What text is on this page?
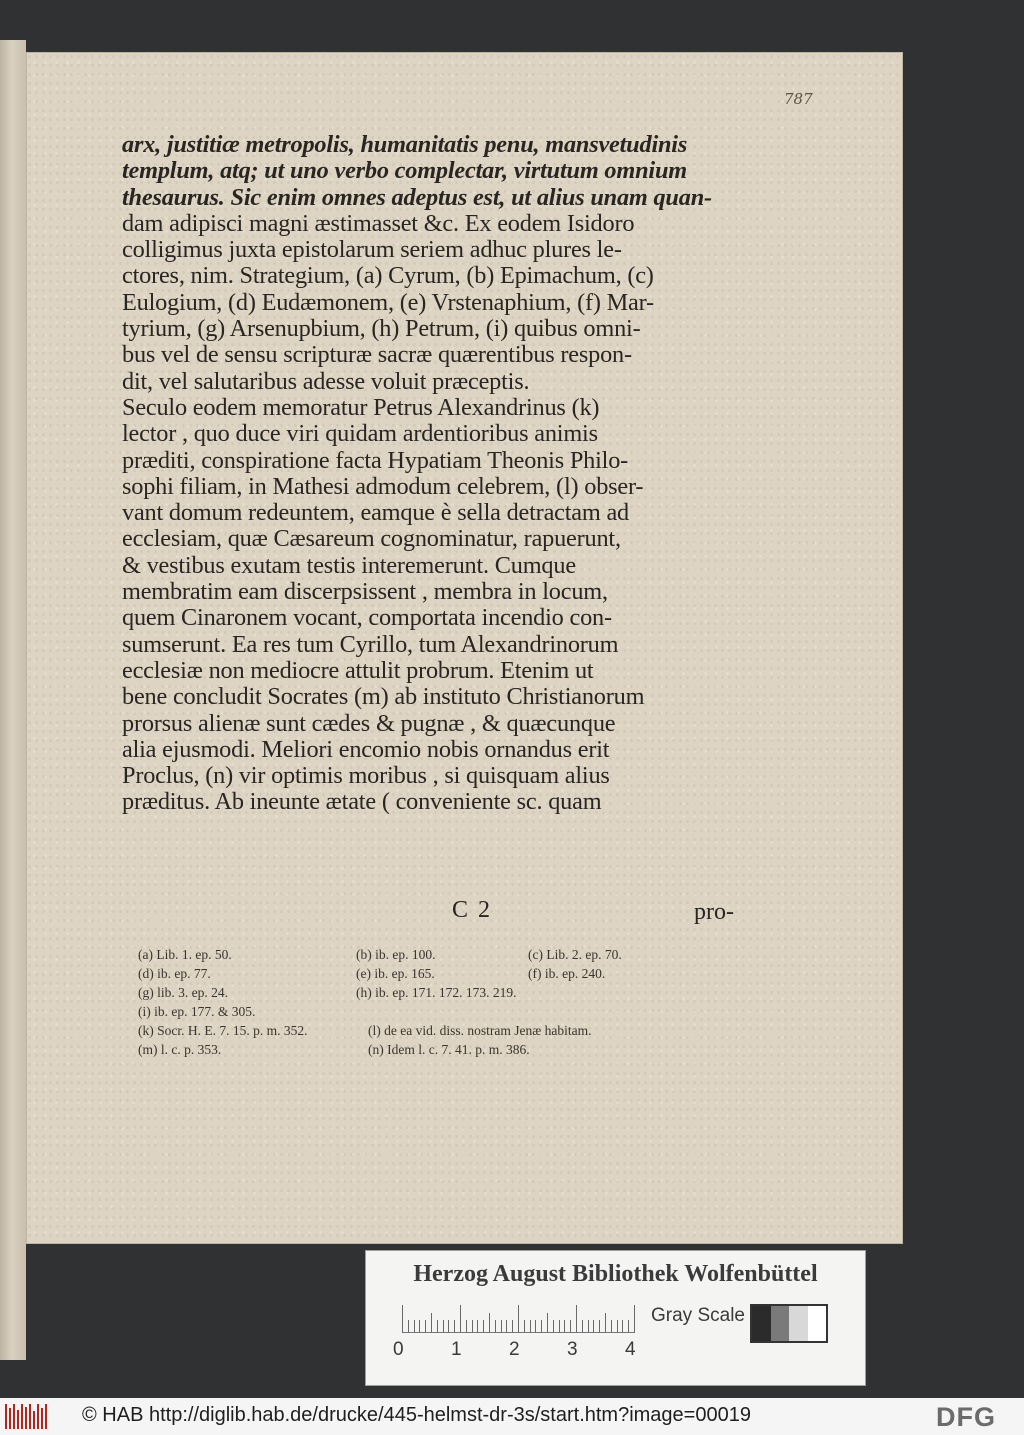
787
arx, justitiæ metropolis, humanitatis penu, mansvetudinis
templum, atq; ut uno verbo complectar, virtutum omnium
thesaurus. Sic enim omnes adeptus est, ut alius unam quan-
dam adipisci magni æstimasset &c. Ex eodem Isidoro
colligimus juxta epistolarum seriem adhuc plures le-
ctores, nim. Strategium, (a) Cyrum, (b) Epimachum, (c)
Eulogium, (d) Eudæmonem, (e) Vrstenaphium, (f) Mar-
tyrium, (g) Arsenupbium, (h) Petrum, (i) quibus omni-
bus vel de sensu scripturæ sacræ quærentibus respon-
dit, vel salutaribus adesse voluit præceptis.
Seculo eodem memoratur Petrus Alexandrinus (k)
lector , quo duce viri quidam ardentioribus animis
præditi, conspiratione facta Hypatiam Theonis Philo-
sophi filiam, in Mathesi admodum celebrem, (l) obser-
vant domum redeuntem, eamque è sella detractam ad
ecclesiam, quæ Cæsareum cognominatur, rapuerunt,
& vestibus exutam testis interemerunt. Cumque
membratim eam discerpsissent , membra in locum,
quem Cinaronem vocant, comportata incendio con-
sumserunt. Ea res tum Cyrillo, tum Alexandrinorum
ecclesiæ non mediocre attulit probrum. Etenim ut
bene concludit Socrates (m) ab instituto Christianorum
prorsus alienæ sunt cædes & pugnæ , & quæcunque
alia ejusmodi. Meliori encomio nobis ornandus erit
Proclus, (n) vir optimis moribus , si quisquam alius
præditus. Ab ineunte ætate ( conveniente sc. quam
C 2	pro-
(a) Lib. 1. ep. 50.	(b) ib. ep. 100.	(c) Lib. 2. ep. 70.
(d) ib. ep. 77.	(e) ib. ep. 165.	(f) ib. ep. 240.
(g) lib. 3. ep. 24.	(h) ib. ep. 171. 172. 173. 219.
(i) ib. ep. 177. & 305.
(k) Socr. H. E. 7. 15. p. m. 352.	(l) de ea vid. diss. nostram Jenæ habitam.
(m) l. c. p. 353.	(n) Idem l. c. 7. 41. p. m. 386.
Herzog August Bibliothek Wolfenbüttel
0 1 2 3 4
Gray Scale
© HAB http://diglib.hab.de/drucke/445-helmst-dr-3s/start.htm?image=00019	DFG
